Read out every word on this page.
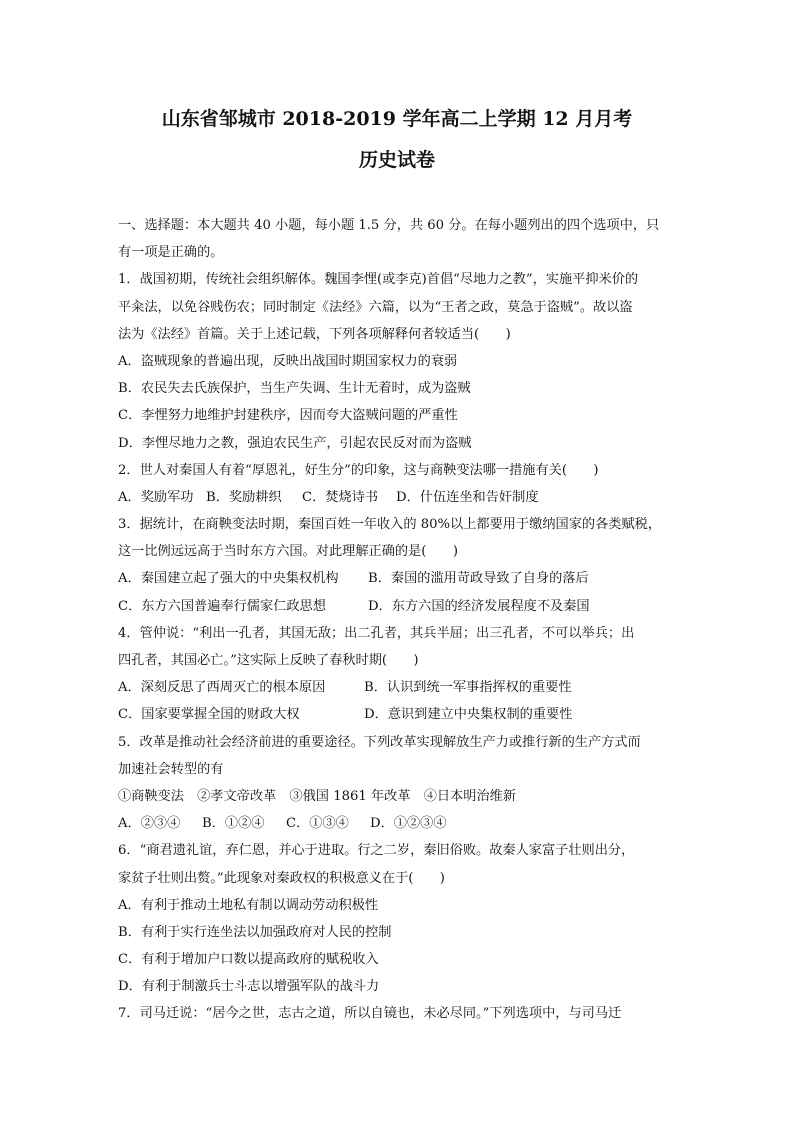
山东省邹城市 2018-2019 学年高二上学期 12 月月考
历史试卷
一、选择题：本大题共 40 小题，每小题 1.5 分，共 60 分。在每小题列出的四个选项中，只
有一项是正确的。
1．战国初期，传统社会组织解体。魏国李悝(或李克)首倡“尽地力之教”，实施平抑米价的
平籴法，以免谷贱伤农；同时制定《法经》六篇，以为“王者之政，莫急于盗贼”。故以盗
法为《法经》首篇。关于上述记载，下列各项解释何者较适当(　　)
A．盗贼现象的普遍出现，反映出战国时期国家权力的衰弱
B．农民失去氏族保护，当生产失调、生计无着时，成为盗贼
C．李悝努力地维护封建秩序，因而夸大盗贼问题的严重性
D．李悝尽地力之教，强迫农民生产，引起农民反对而为盗贼
2．世人对秦国人有着“厚恩礼，好生分”的印象，这与商鞅变法哪一措施有关(　　)
A．奖励军功 B．奖励耕织 C．焚烧诗书 D．什伍连坐和告奸制度
3．据统计，在商鞅变法时期，秦国百姓一年收入的 80%以上都要用于缴纳国家的各类赋税，
这一比例远远高于当时东方六国。对此理解正确的是(　　)
A．秦国建立起了强大的中央集权机构 B．秦国的滥用苛政导致了自身的落后
C．东方六国普遍奉行儒家仁政思想	D．东方六国的经济发展程度不及秦国
4．管仲说：“利出一孔者，其国无敌；出二孔者，其兵半屈；出三孔者，不可以举兵；出
四孔者，其国必亡。”这实际上反映了春秋时期(　　)
A．深刻反思了西周灭亡的根本原因	B．认识到统一军事指挥权的重要性
C．国家要掌握全国的财政大权	D．意识到建立中央集权制的重要性
5．改革是推动社会经济前进的重要途径。下列改革实现解放生产力或推行新的生产方式而
加速社会转型的有
①商鞅变法　②孝文帝改革　③俄国 1861 年改革　④日本明治维新
A．②③④ B．①②④ C．①③④ D．①②③④
6．“商君遗礼谊，弃仁恩，并心于进取。行之二岁，秦旧俗败。故秦人家富子壮则出分，
家贫子壮则出赘。”此现象对秦政权的积极意义在于(　　)
A．有利于推动土地私有制以调动劳动积极性
B．有利于实行连坐法以加强政府对人民的控制
C．有利于增加户口数以提高政府的赋税收入
D．有利于制激兵士斗志以增强军队的战斗力
7．司马迁说：“居今之世，志古之道，所以自镜也，未必尽同。”下列选项中，与司马迁
